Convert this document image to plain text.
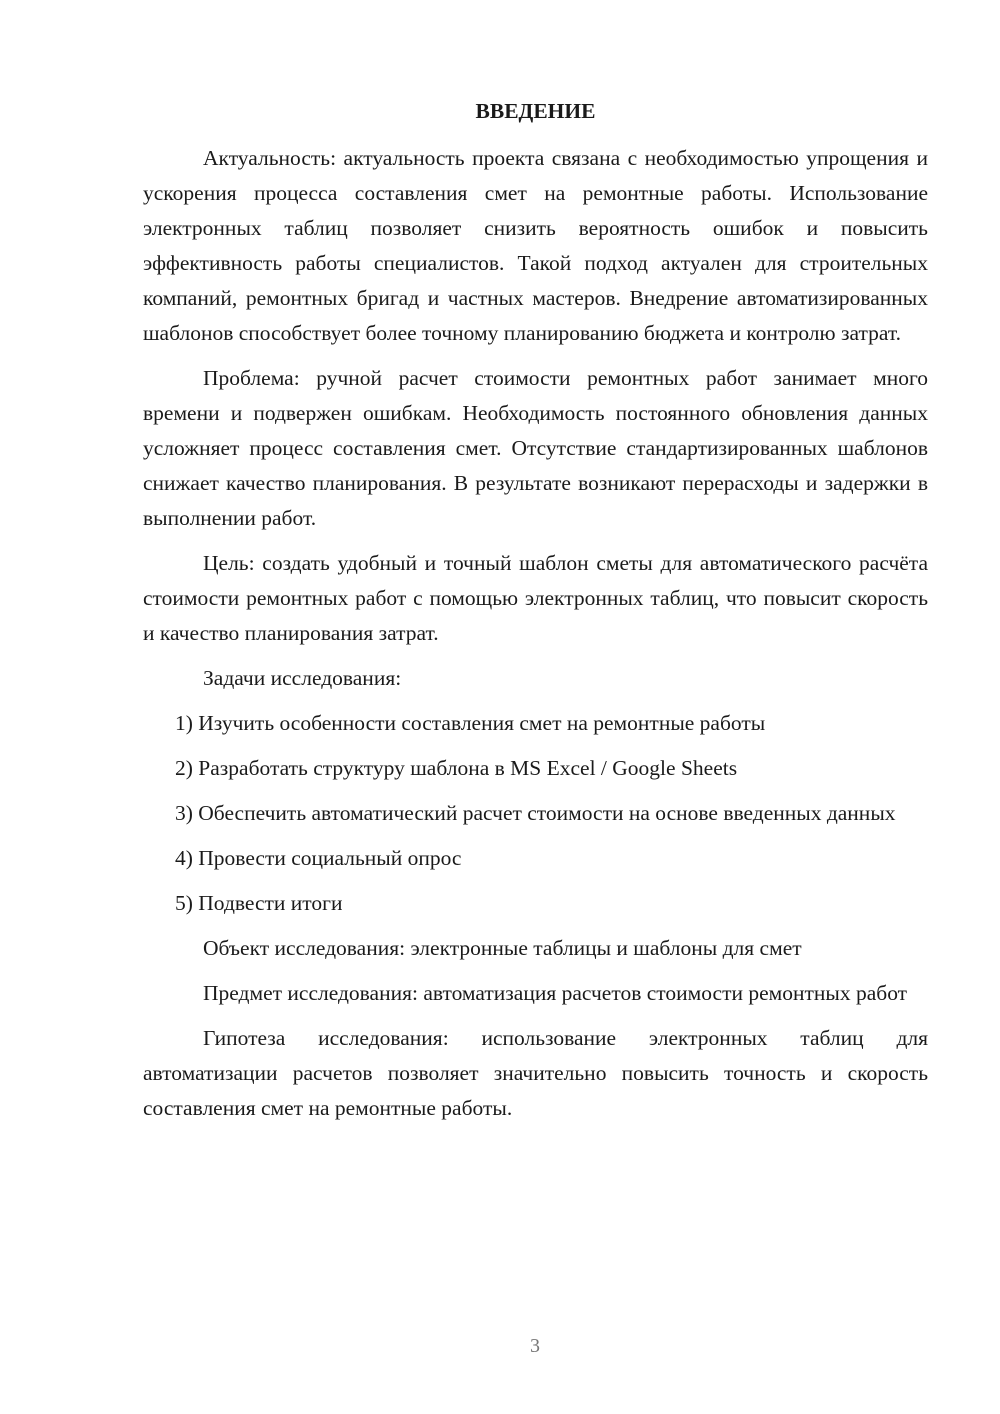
ВВЕДЕНИЕ

Актуальность: актуальность проекта связана с необходимостью упрощения и ускорения процесса составления смет на ремонтные работы. Использование электронных таблиц позволяет снизить вероятность ошибок и повысить эффективность работы специалистов. Такой подход актуален для строительных компаний, ремонтных бригад и частных мастеров. Внедрение автоматизированных шаблонов способствует более точному планированию бюджета и контролю затрат.

Проблема: ручной расчет стоимости ремонтных работ занимает много времени и подвержен ошибкам. Необходимость постоянного обновления данных усложняет процесс составления смет. Отсутствие стандартизированных шаблонов снижает качество планирования. В результате возникают перерасходы и задержки в выполнении работ.

Цель: создать удобный и точный шаблон сметы для автоматического расчёта стоимости ремонтных работ с помощью электронных таблиц, что повысит скорость и качество планирования затрат.

Задачи исследования:

1) Изучить особенности составления смет на ремонтные работы
2) Разработать структуру шаблона в MS Excel / Google Sheets
3) Обеспечить автоматический расчет стоимости на основе введенных данных
4) Провести социальный опрос
5) Подвести итоги

Объект исследования: электронные таблицы и шаблоны для смет

Предмет исследования: автоматизация расчетов стоимости ремонтных работ

Гипотеза исследования: использование электронных таблиц для автоматизации расчетов позволяет значительно повысить точность и скорость составления смет на ремонтные работы.

3
